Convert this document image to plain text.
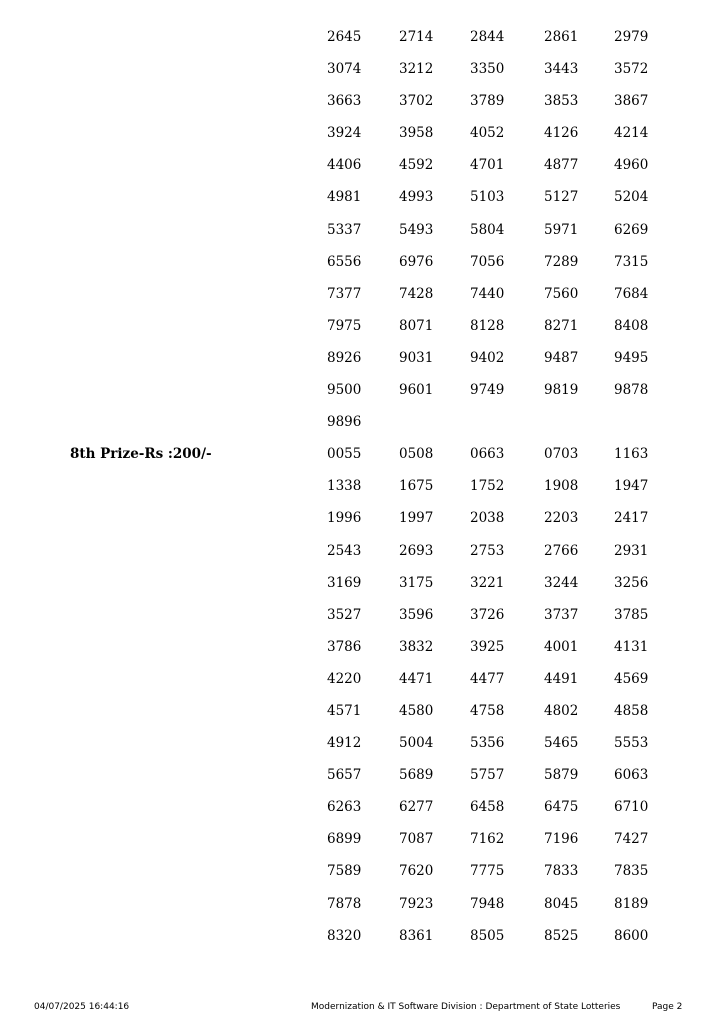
8th Prize-Rs :200/-
2645	2714	2844	2861	2979
3074	3212	3350	3443	3572
3663	3702	3789	3853	3867
3924	3958	4052	4126	4214
4406	4592	4701	4877	4960
4981	4993	5103	5127	5204
5337	5493	5804	5971	6269
6556	6976	7056	7289	7315
7377	7428	7440	7560	7684
7975	8071	8128	8271	8408
8926	9031	9402	9487	9495
9500	9601	9749	9819	9878
9896
0055	0508	0663	0703	1163
1338	1675	1752	1908	1947
1996	1997	2038	2203	2417
2543	2693	2753	2766	2931
3169	3175	3221	3244	3256
3527	3596	3726	3737	3785
3786	3832	3925	4001	4131
4220	4471	4477	4491	4569
4571	4580	4758	4802	4858
4912	5004	5356	5465	5553
5657	5689	5757	5879	6063
6263	6277	6458	6475	6710
6899	7087	7162	7196	7427
7589	7620	7775	7833	7835
7878	7923	7948	8045	8189
8320	8361	8505	8525	8600
04/07/2025 16:44:16	Modernization & IT Software Division : Department of State Lotteries	Page 2
